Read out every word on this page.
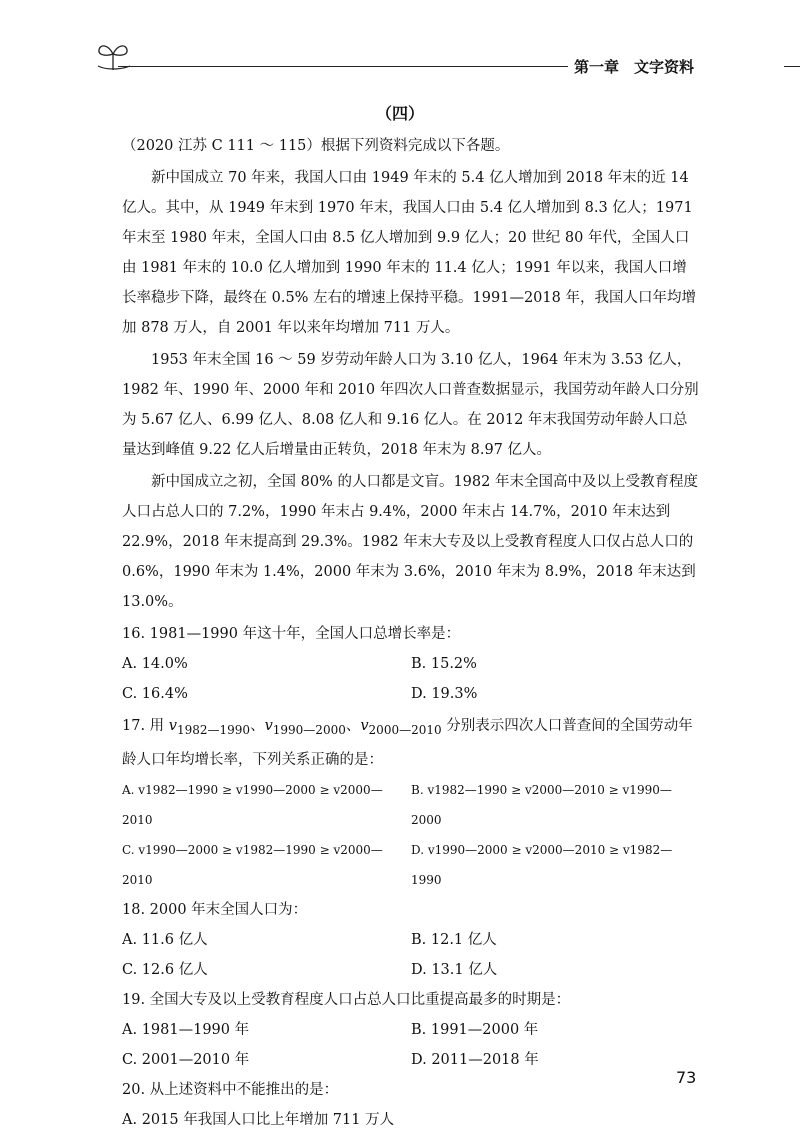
第一章　文字资料
（四）

（2020 江苏 C 111 ～ 115）根据下列资料完成以下各题。

新中国成立 70 年来，我国人口由 1949 年末的 5.4 亿人增加到 2018 年末的近 14 亿人。其中，从 1949 年末到 1970 年末，我国人口由 5.4 亿人增加到 8.3 亿人；1971 年末至 1980 年末，全国人口由 8.5 亿人增加到 9.9 亿人；20 世纪 80 年代，全国人口由 1981 年末的 10.0 亿人增加到 1990 年末的 11.4 亿人；1991 年以来，我国人口增长率稳步下降，最终在 0.5% 左右的增速上保持平稳。1991—2018 年，我国人口年均增加 878 万人，自 2001 年以来年均增加 711 万人。

1953 年末全国 16 ～ 59 岁劳动年龄人口为 3.10 亿人，1964 年末为 3.53 亿人，1982 年、1990 年、2000 年和 2010 年四次人口普查数据显示，我国劳动年龄人口分别为 5.67 亿人、6.99 亿人、8.08 亿人和 9.16 亿人。在 2012 年末我国劳动年龄人口总量达到峰值 9.22 亿人后增量由正转负，2018 年末为 8.97 亿人。

新中国成立之初，全国 80% 的人口都是文盲。1982 年末全国高中及以上受教育程度人口占总人口的 7.2%，1990 年末占 9.4%，2000 年末占 14.7%，2010 年末达到 22.9%，2018 年末提高到 29.3%。1982 年末大专及以上受教育程度人口仅占总人口的 0.6%，1990 年末为 1.4%，2000 年末为 3.6%，2010 年末为 8.9%，2018 年末达到 13.0%。

16. 1981—1990 年这十年，全国人口总增长率是：

A. 14.0%	B. 15.2%
C. 16.4%	D. 19.3%

17. 用 $v_{1982—1990}$、$v_{1990—2000}$、$v_{2000—2010}$ 分别表示四次人口普查间的全国劳动年龄人口年均增长率，下列关系正确的是：

A. v1982—1990 ≥ v1990—2000 ≥ v2000—2010
B. v1982—1990 ≥ v2000—2010 ≥ v1990—2000
C. v1990—2000 ≥ v1982—1990 ≥ v2000—2010
D. v1990—2000 ≥ v2000—2010 ≥ v1982—1990

18. 2000 年末全国人口为：

A. 11.6 亿人	B. 12.1 亿人
C. 12.6 亿人	D. 13.1 亿人

19. 全国大专及以上受教育程度人口占总人口比重提高最多的时期是：

A. 1981—1990 年	B. 1991—2000 年
C. 2001—2010 年	D. 2011—2018 年

20. 从上述资料中不能推出的是：

A. 2015 年我国人口比上年增加 711 万人

73
